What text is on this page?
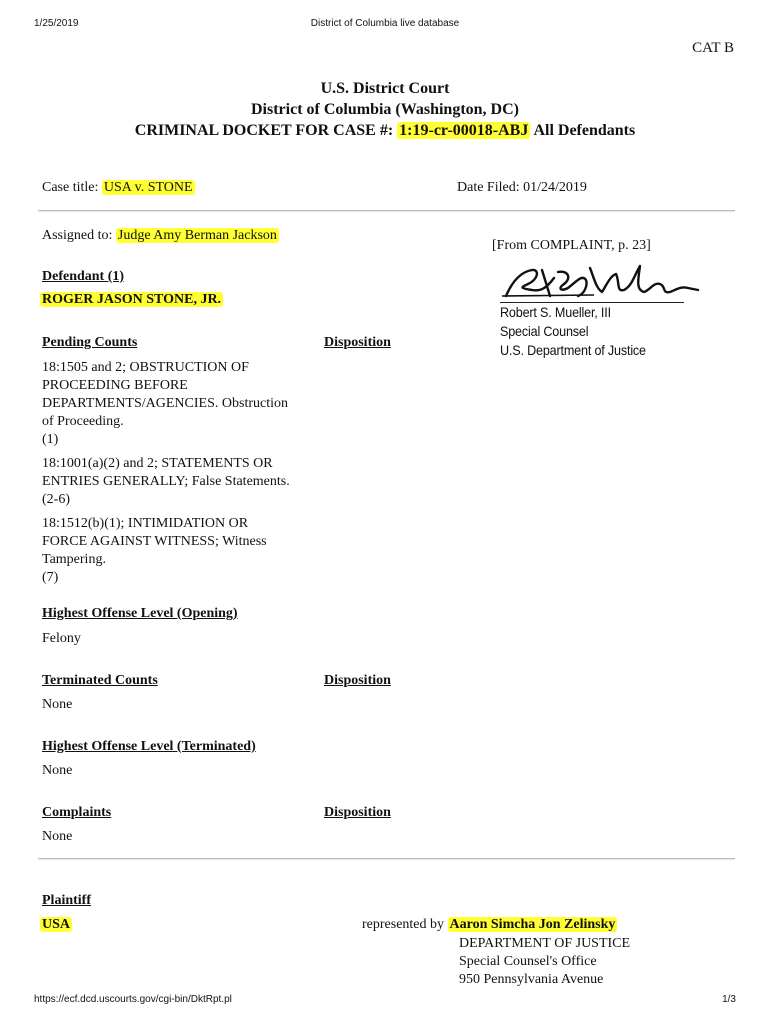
1/25/2019	District of Columbia live database
CAT B
U.S. District Court
District of Columbia (Washington, DC)
CRIMINAL DOCKET FOR CASE #: 1:19-cr-00018-ABJ All Defendants
Case title: USA v. STONE	Date Filed: 01/24/2019
Assigned to: Judge Amy Berman Jackson
[From COMPLAINT, p. 23]
Robert S. Mueller, III
Special Counsel
U.S. Department of Justice
Defendant (1)
ROGER JASON STONE, JR.
Pending Counts	Disposition
18:1505 and 2; OBSTRUCTION OF
PROCEEDING BEFORE
DEPARTMENTS/AGENCIES. Obstruction
of Proceeding.
(1)
18:1001(a)(2) and 2; STATEMENTS OR
ENTRIES GENERALLY; False Statements.
(2-6)
18:1512(b)(1); INTIMIDATION OR
FORCE AGAINST WITNESS; Witness
Tampering.
(7)
Highest Offense Level (Opening)
Felony
Terminated Counts	Disposition
None
Highest Offense Level (Terminated)
None
Complaints	Disposition
None
Plaintiff
USA	represented by Aaron Simcha Jon Zelinsky
DEPARTMENT OF JUSTICE
Special Counsel's Office
950 Pennsylvania Avenue
https://ecf.dcd.uscourts.gov/cgi-bin/DktRpt.pl	1/3
